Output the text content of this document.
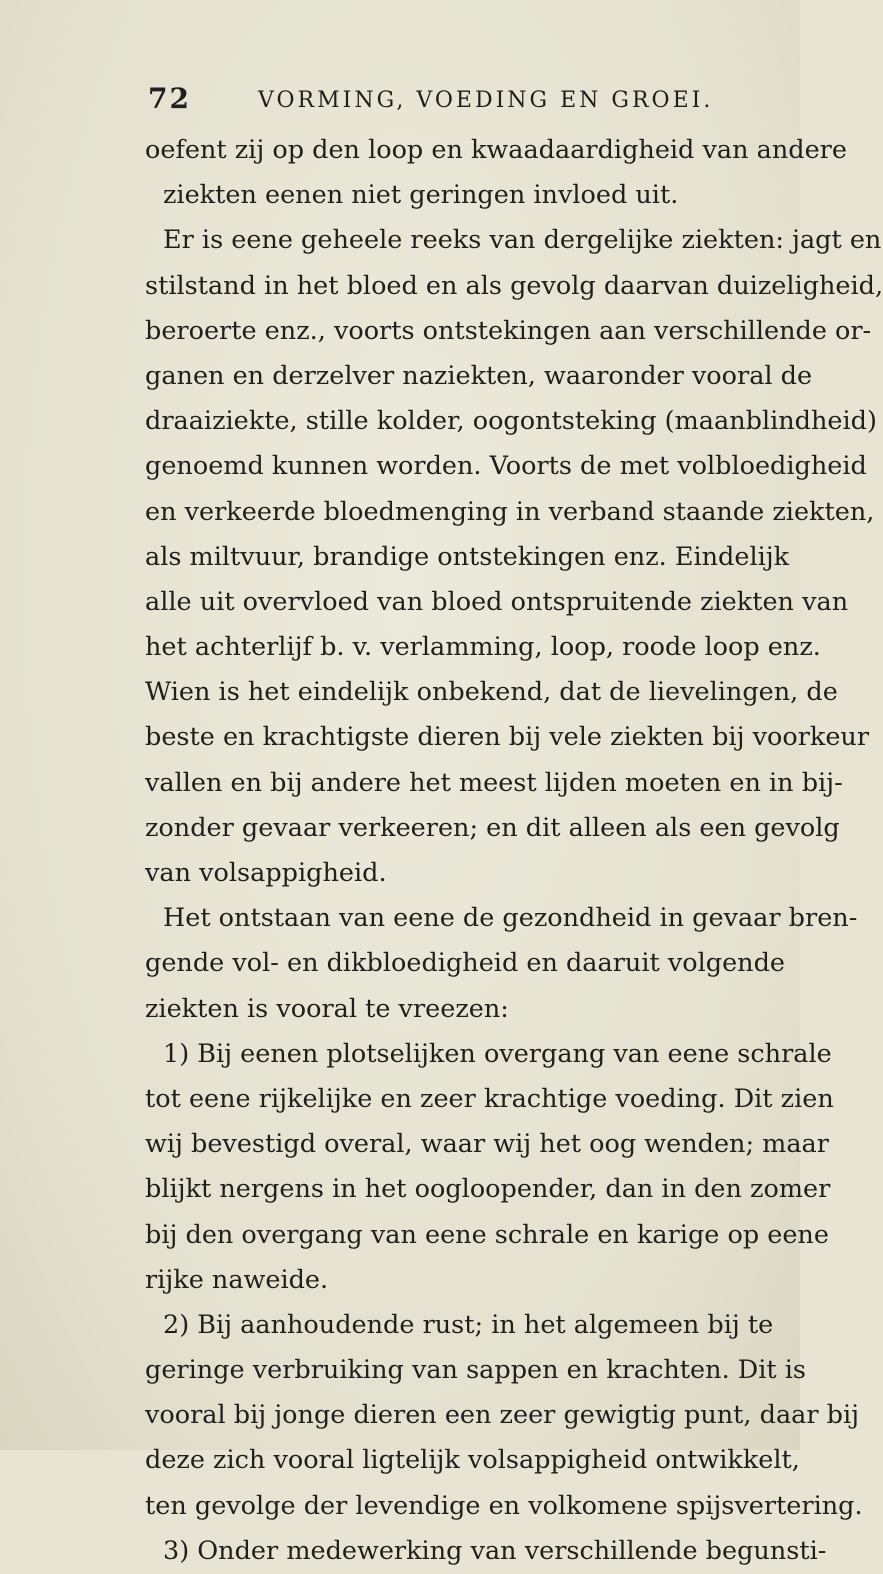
72	VORMING, VOEDING EN GROEI.
oefent zij op den loop en kwaadaardigheid van andere
ziekten eenen niet geringen invloed uit.
Er is eene geheele reeks van dergelijke ziekten: jagt en
stilstand in het bloed en als gevolg daarvan duizeligheid,
beroerte enz., voorts ontstekingen aan verschillende or-
ganen en derzelver naziekten, waaronder vooral de
draaiziekte, stille kolder, oogontsteking (maanblindheid)
genoemd kunnen worden. Voorts de met volbloedigheid
en verkeerde bloedmenging in verband staande ziekten,
als miltvuur, brandige ontstekingen enz. Eindelijk
alle uit overvloed van bloed ontspruitende ziekten van
het achterlijf b. v. verlamming, loop, roode loop enz.
Wien is het eindelijk onbekend, dat de lievelingen, de
beste en krachtigste dieren bij vele ziekten bij voorkeur
vallen en bij andere het meest lijden moeten en in bij-
zonder gevaar verkeeren; en dit alleen als een gevolg
van volsappigheid.
Het ontstaan van eene de gezondheid in gevaar bren-
gende vol- en dikbloedigheid en daaruit volgende
ziekten is vooral te vreezen:
1) Bij eenen plotselijken overgang van eene schrale
tot eene rijkelijke en zeer krachtige voeding. Dit zien
wij bevestigd overal, waar wij het oog wenden; maar
blijkt nergens in het oogloopender, dan in den zomer
bij den overgang van eene schrale en karige op eene
rijke naweide.
2) Bij aanhoudende rust; in het algemeen bij te
geringe verbruiking van sappen en krachten. Dit is
vooral bij jonge dieren een zeer gewigtig punt, daar bij
deze zich vooral ligtelijk volsappigheid ontwikkelt,
ten gevolge der levendige en volkomene spijsvertering.
3) Onder medewerking van verschillende begunsti-
